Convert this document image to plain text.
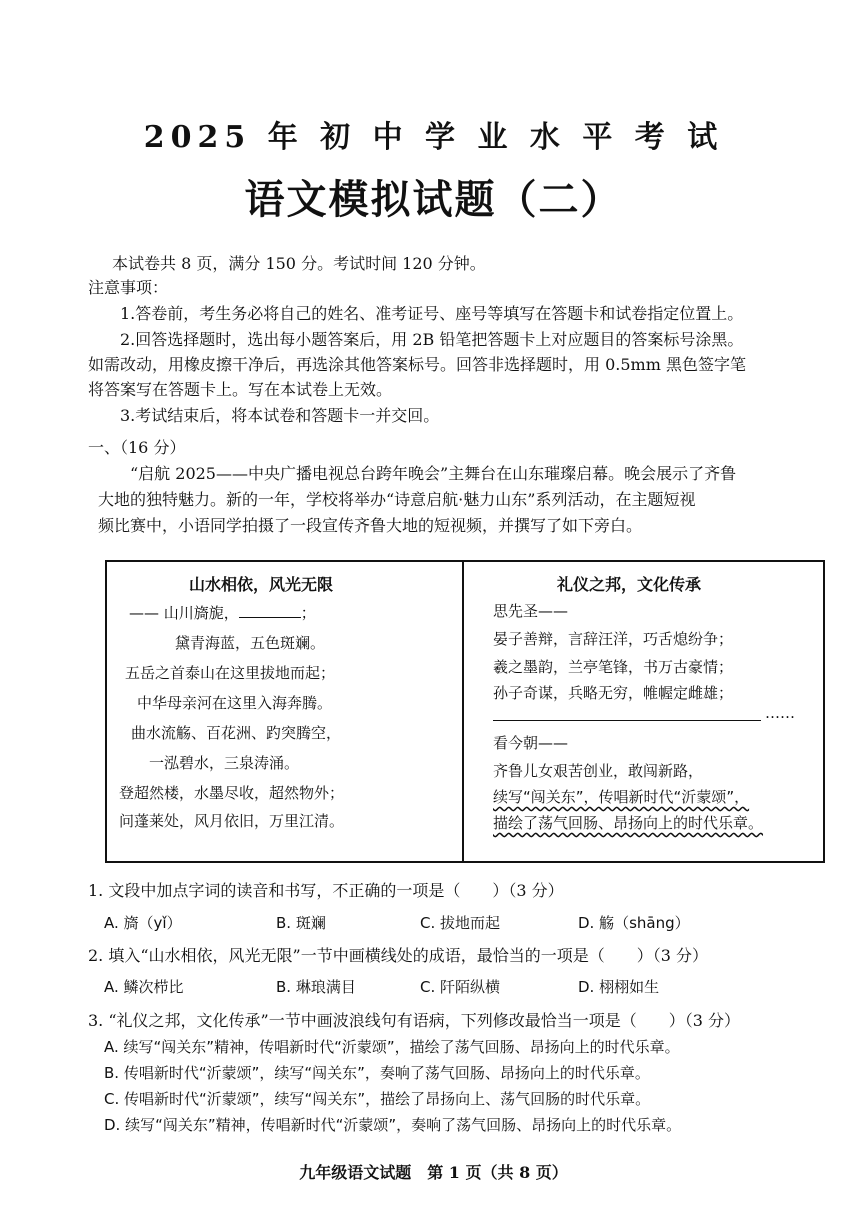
2025 年 初 中 学 业 水 平 考 试
语文模拟试题（二）
本试卷共 8 页，满分 150 分。考试时间 120 分钟。
注意事项：
1.答卷前，考生务必将自己的姓名、准考证号、座号等填写在答题卡和试卷指定位置上。
2.回答选择题时，选出每小题答案后，用 2B 铅笔把答题卡上对应题目的答案标号涂黑。
如需改动，用橡皮擦干净后，再选涂其他答案标号。回答非选择题时，用 0.5mm 黑色签字笔
将答案写在答题卡上。写在本试卷上无效。
3.考试结束后，将本试卷和答题卡一并交回。
一、（16 分）
“启航 2025——中央广播电视总台跨年晚会”主舞台在山东璀璨启幕。晚会展示了齐鲁
大地的独特魅力。新的一年，学校将举办“诗意启航·魅力山东”系列活动，在主题短视
频比赛中，小语同学拍摄了一段宣传齐鲁大地的短视频，并撰写了如下旁白。
山水相依，风光无限
—— 山川旖旎，	；
黛青海蓝，五色斑斓。
五岳之首泰山在这里拔地而起；
中华母亲河在这里入海奔腾。
曲水流觞、百花洲、趵突腾空，
一泓碧水，三泉涛涌。
登超然楼，水墨尽收，超然物外；
问蓬莱处，风月依旧，万里江清。
礼仪之邦，文化传承
思先圣——
晏子善辩，言辞汪洋，巧舌熄纷争；
羲之墨韵，兰亭笔锋，书万古豪情；
孙子奇谋，兵略无穷，帷幄定雌雄；
……
看今朝——
齐鲁儿女艰苦创业，敢闯新路，
续写“闯关东”，传唱新时代“沂蒙颂”，
描绘了荡气回肠、昂扬向上的时代乐章。
1. 文段中加点字词的读音和书写，不正确的一项是（　　）（3 分）
A. 旖（yǐ）	B. 斑斓	C. 拔地而起	D. 觞（shāng）
2. 填入“山水相依，风光无限”一节中画横线处的成语，最恰当的一项是（　　）（3 分）
A. 鳞次栉比	B. 琳琅满目	C. 阡陌纵横	D. 栩栩如生
3. “礼仪之邦，文化传承”一节中画波浪线句有语病，下列修改最恰当一项是（　　）（3 分）
A. 续写“闯关东”精神，传唱新时代“沂蒙颂”，描绘了荡气回肠、昂扬向上的时代乐章。
B. 传唱新时代“沂蒙颂”，续写“闯关东”，奏响了荡气回肠、昂扬向上的时代乐章。
C. 传唱新时代“沂蒙颂”，续写“闯关东”，描绘了昂扬向上、荡气回肠的时代乐章。
D. 续写“闯关东”精神，传唱新时代“沂蒙颂”，奏响了荡气回肠、昂扬向上的时代乐章。
九年级语文试题　第 1 页（共 8 页）
